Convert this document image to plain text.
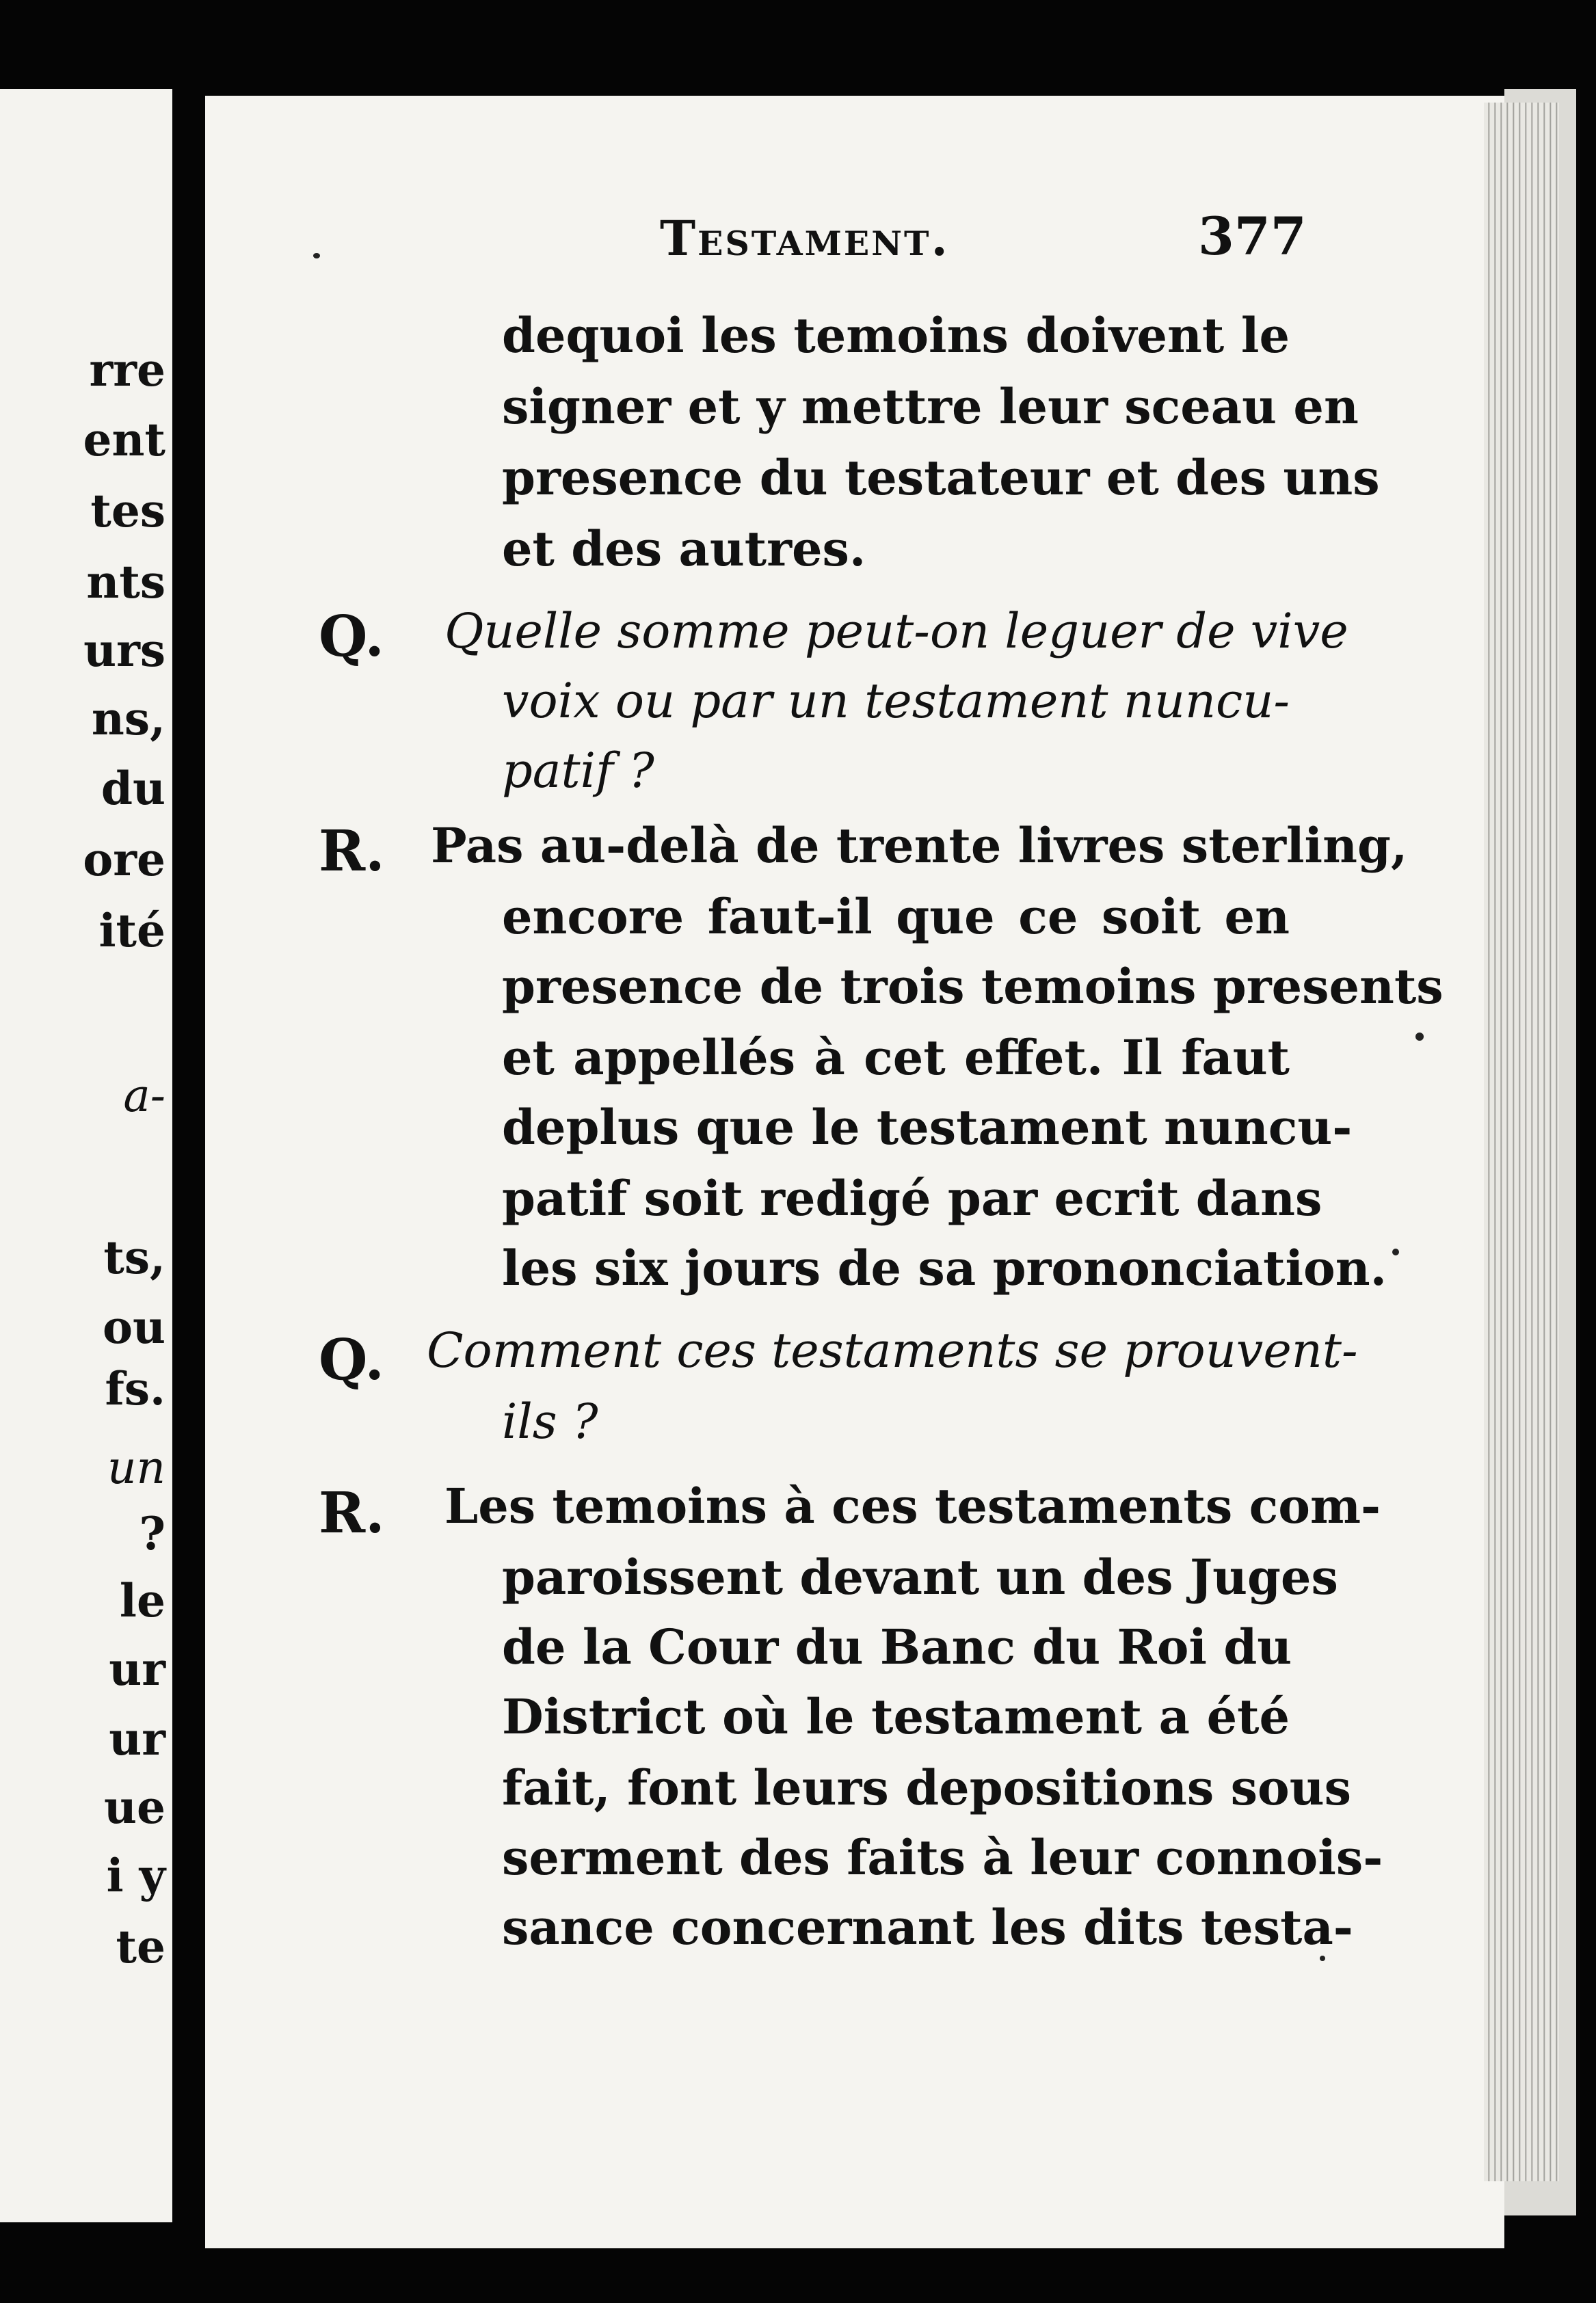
rre
ent
tes
nts
urs
ns,
du
ore
ité
a-
ts,
ou
fs.
un
?
le
ur
ur
ue
i y
te
Testament.	377
dequoi les temoins doivent le
signer et y mettre leur sceau en
presence du testateur et des uns
et des autres.
Q. Quelle somme peut-on leguer de vive
voix ou par un testament nuncu-
patif ?
R. Pas au-delà de trente livres sterling,
encore faut-il que ce soit en
presence de trois temoins presents
et appellés à cet effet. Il faut
deplus que le testament nuncu-
patif soit redigé par ecrit dans
les six jours de sa prononciation.
Q. Comment ces testaments se prouvent-
ils ?
R. Les temoins à ces testaments com-
paroissent devant un des Juges
de la Cour du Banc du Roi du
District où le testament a été
fait, font leurs depositions sous
serment des faits à leur connois-
sance concernant les dits testa-
